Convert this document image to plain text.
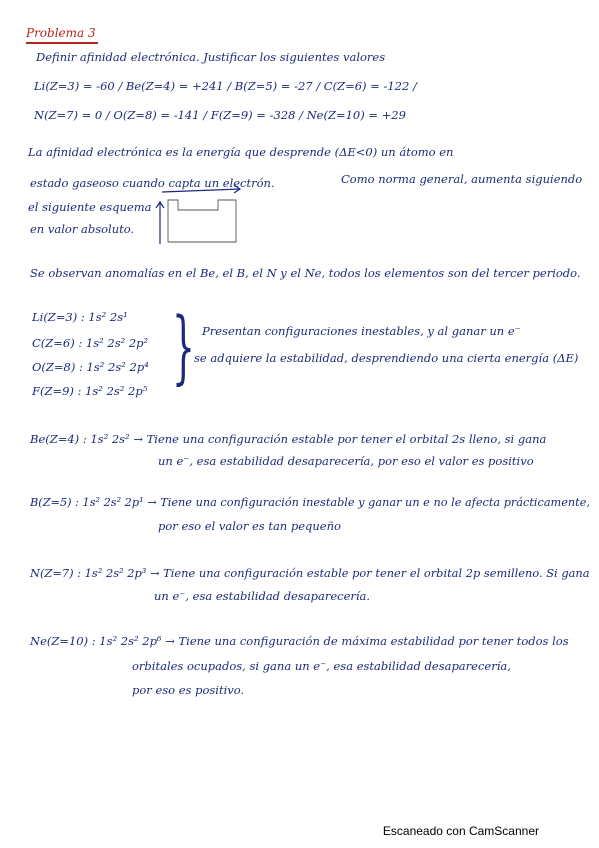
Problema 3
Definir afinidad electrónica. Justificar los siguientes valores
Li(Z=3) = -60 / Be(Z=4) = +241 / B(Z=5) = -27 / C(Z=6) = -122 /
N(Z=7) = 0 / O(Z=8) = -141 / F(Z=9) = -328 / Ne(Z=10) = +29
La afinidad electrónica es la energía que desprende (ΔE<0) un átomo en
estado gaseoso cuando capta un electrón.	Como norma general, aumenta siguiendo
el siguiente esquema
en valor absoluto.
Se observan anomalías en el Be, el B, el N y el Ne, todos los elementos son del tercer periodo.
Li(Z=3) : 1s² 2s¹
C(Z=6) : 1s² 2s² 2p²
O(Z=8) : 1s² 2s² 2p⁴
F(Z=9) : 1s² 2s² 2p⁵ } Presentan configuraciones inestables, y al ganar un e⁻
se adquiere la estabilidad, desprendiendo una cierta energía (ΔE)
Be(Z=4) : 1s² 2s² → Tiene una configuración estable por tener el orbital 2s lleno, si gana
un e⁻, esa estabilidad desaparecería, por eso el valor es positivo
B(Z=5) : 1s² 2s² 2p¹ → Tiene una configuración inestable y ganar un e no le afecta prácticamente,
por eso el valor es tan pequeño
N(Z=7) : 1s² 2s² 2p³ → Tiene una configuración estable por tener el orbital 2p semilleno. Si gana
un e⁻, esa estabilidad desaparecería.
Ne(Z=10) : 1s² 2s² 2p⁶ → Tiene una configuración de máxima estabilidad por tener todos los
orbitales ocupados, si gana un e⁻, esa estabilidad desaparecería,
por eso es positivo.
Escaneado con CamScanner
